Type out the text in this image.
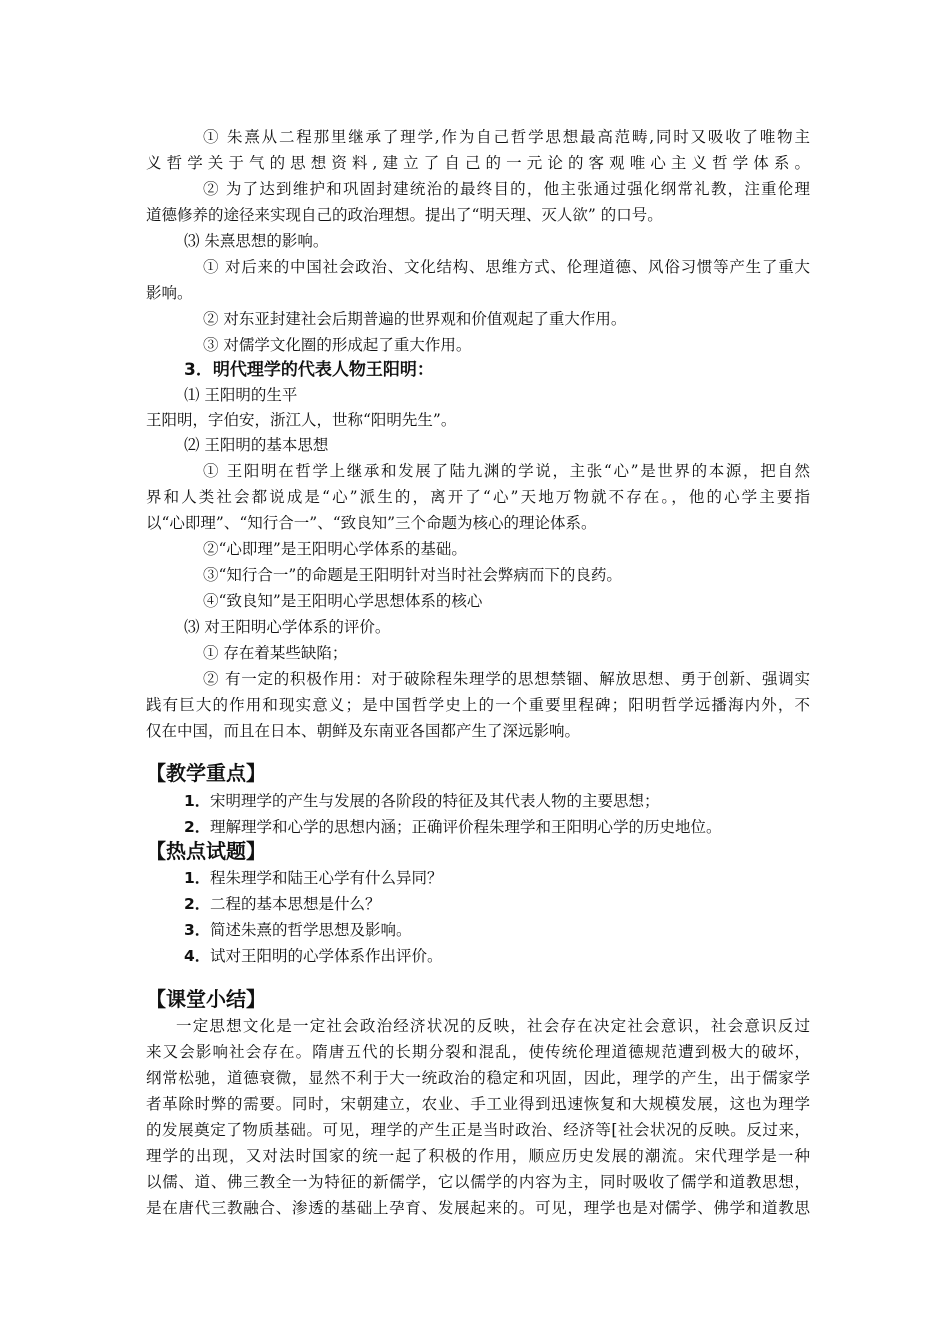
① 朱熹从二程那里继承了理学,作为自己哲学思想最高范畴,同时又吸收了唯物主
义哲学关于气的思想资料,建立了自己的一元论的客观唯心主义哲学体系。
② 为了达到维护和巩固封建统治的最终目的，他主张通过强化纲常礼教，注重伦理
道德修养的途径来实现自己的政治理想。提出了“明天理、灭人欲” 的口号。
⑶ 朱熹思想的影响。
① 对后来的中国社会政治、文化结构、思维方式、伦理道德、风俗习惯等产生了重大
影响。
② 对东亚封建社会后期普遍的世界观和价值观起了重大作用。
③ 对儒学文化圈的形成起了重大作用。
3．明代理学的代表人物王阳明：
⑴ 王阳明的生平
王阳明，字伯安，浙江人，世称“阳明先生”。
⑵ 王阳明的基本思想
① 王阳明在哲学上继承和发展了陆九渊的学说，主张“心”是世界的本源，把自然
界和人类社会都说成是“心”派生的，离开了“心”天地万物就不存在。，他的心学主要指
以“心即理”、“知行合一”、“致良知”三个命题为核心的理论体系。
②“心即理”是王阳明心学体系的基础。
③“知行合一”的命题是王阳明针对当时社会弊病而下的良药。
④“致良知”是王阳明心学思想体系的核心
⑶ 对王阳明心学体系的评价。
① 存在着某些缺陷；
② 有一定的积极作用：对于破除程朱理学的思想禁锢、解放思想、勇于创新、强调实
践有巨大的作用和现实意义；是中国哲学史上的一个重要里程碑；阳明哲学远播海内外，不
仅在中国，而且在日本、朝鲜及东南亚各国都产生了深远影响。
【教学重点】
1．宋明理学的产生与发展的各阶段的特征及其代表人物的主要思想；
2．理解理学和心学的思想内涵；正确评价程朱理学和王阳明心学的历史地位。
【热点试题】
1．程朱理学和陆王心学有什么异同？
2．二程的基本思想是什么？
3．简述朱熹的哲学思想及影响。
4．试对王阳明的心学体系作出评价。
【课堂小结】
一定思想文化是一定社会政治经济状况的反映，社会存在决定社会意识，社会意识反过
来又会影响社会存在。隋唐五代的长期分裂和混乱，使传统伦理道德规范遭到极大的破坏，
纲常松驰，道德衰微，显然不利于大一统政治的稳定和巩固，因此，理学的产生，出于儒家学
者革除时弊的需要。同时，宋朝建立，农业、手工业得到迅速恢复和大规模发展，这也为理学
的发展奠定了物质基础。可见，理学的产生正是当时政治、经济等[社会状况的反映。反过来，
理学的出现，又对法时国家的统一起了积极的作用，顺应历史发展的潮流。宋代理学是一种
以儒、道、佛三教全一为特征的新儒学，它以儒学的内容为主，同时吸收了儒学和道教思想，
是在唐代三教融合、渗透的基础上孕育、发展起来的。可见，理学也是对儒学、佛学和道教思
